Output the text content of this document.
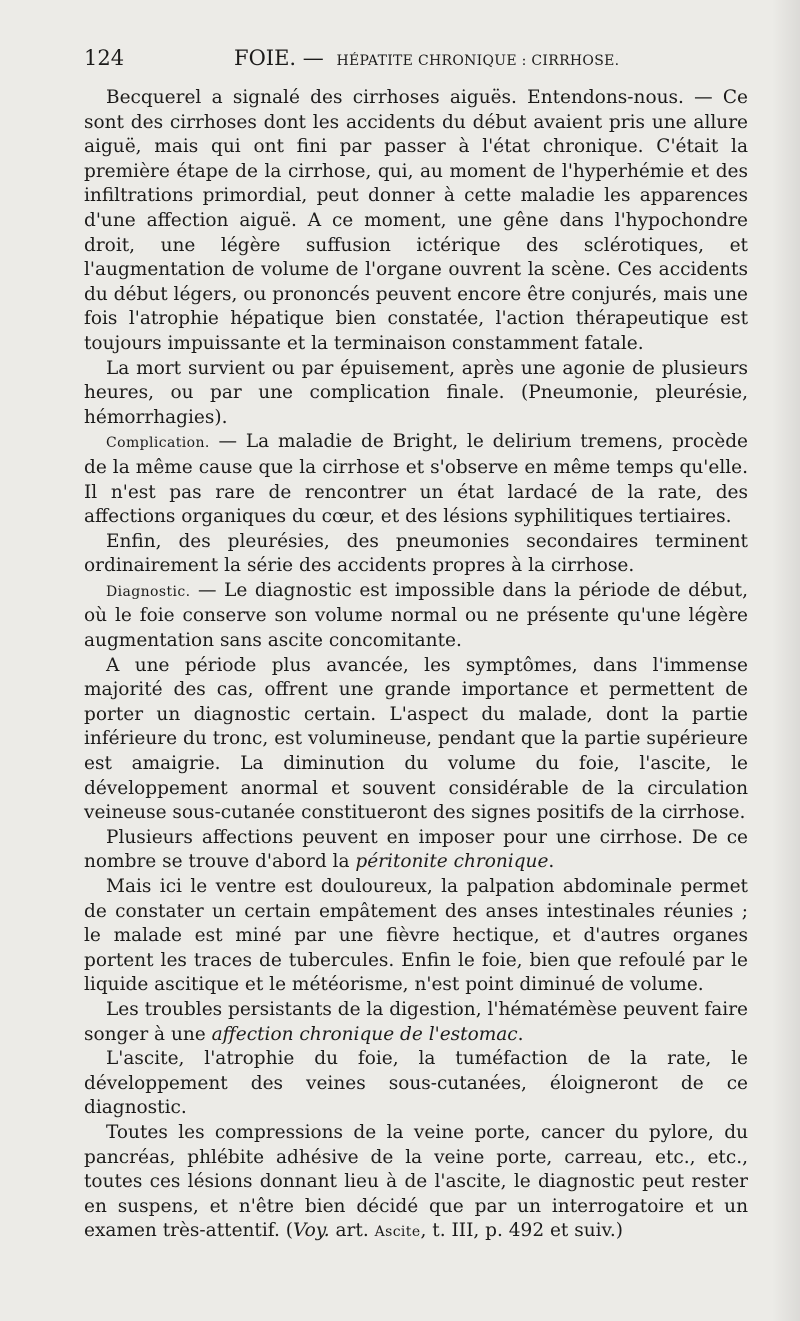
124	FOIE. — HÉPATITE CHRONIQUE : CIRRHOSE.

Becquerel a signalé des cirrhoses aiguës. Entendons-nous. — Ce sont des cirrhoses dont les accidents du début avaient pris une allure aiguë, mais qui ont fini par passer à l'état chronique. C'était la première étape de la cirrhose, qui, au moment de l'hyperhémie et des infiltrations primordial, peut donner à cette maladie les apparences d'une affection aiguë. A ce moment, une gêne dans l'hypochondre droit, une légère suffusion ictérique des sclérotiques, et l'augmentation de volume de l'organe ouvrent la scène. Ces accidents du début légers, ou prononcés peuvent encore être conjurés, mais une fois l'atrophie hépatique bien constatée, l'action thérapeutique est toujours impuissante et la terminaison constamment fatale.

La mort survient ou par épuisement, après une agonie de plusieurs heures, ou par une complication finale. (Pneumonie, pleurésie, hémorrhagies).

Complication. — La maladie de Bright, le delirium tremens, procède de la même cause que la cirrhose et s'observe en même temps qu'elle. Il n'est pas rare de rencontrer un état lardacé de la rate, des affections organiques du cœur, et des lésions syphilitiques tertiaires.

Enfin, des pleurésies, des pneumonies secondaires terminent ordinairement la série des accidents propres à la cirrhose.

Diagnostic. — Le diagnostic est impossible dans la période de début, où le foie conserve son volume normal ou ne présente qu'une légère augmentation sans ascite concomitante.

A une période plus avancée, les symptômes, dans l'immense majorité des cas, offrent une grande importance et permettent de porter un diagnostic certain. L'aspect du malade, dont la partie inférieure du tronc, est volumineuse, pendant que la partie supérieure est amaigrie. La diminution du volume du foie, l'ascite, le développement anormal et souvent considérable de la circulation veineuse sous-cutanée constitueront des signes positifs de la cirrhose.

Plusieurs affections peuvent en imposer pour une cirrhose. De ce nombre se trouve d'abord la péritonite chronique.

Mais ici le ventre est douloureux, la palpation abdominale permet de constater un certain empâtement des anses intestinales réunies ; le malade est miné par une fièvre hectique, et d'autres organes portent les traces de tubercules. Enfin le foie, bien que refoulé par le liquide ascitique et le météorisme, n'est point diminué de volume.

Les troubles persistants de la digestion, l'hématémèse peuvent faire songer à une affection chronique de l'estomac.

L'ascite, l'atrophie du foie, la tuméfaction de la rate, le développement des veines sous-cutanées, éloigneront de ce diagnostic.

Toutes les compressions de la veine porte, cancer du pylore, du pancréas, phlébite adhésive de la veine porte, carreau, etc., etc., toutes ces lésions donnant lieu à de l'ascite, le diagnostic peut rester en suspens, et n'être bien décidé que par un interrogatoire et un examen très-attentif. (Voy. art. Ascite, t. III, p. 492 et suiv.)
